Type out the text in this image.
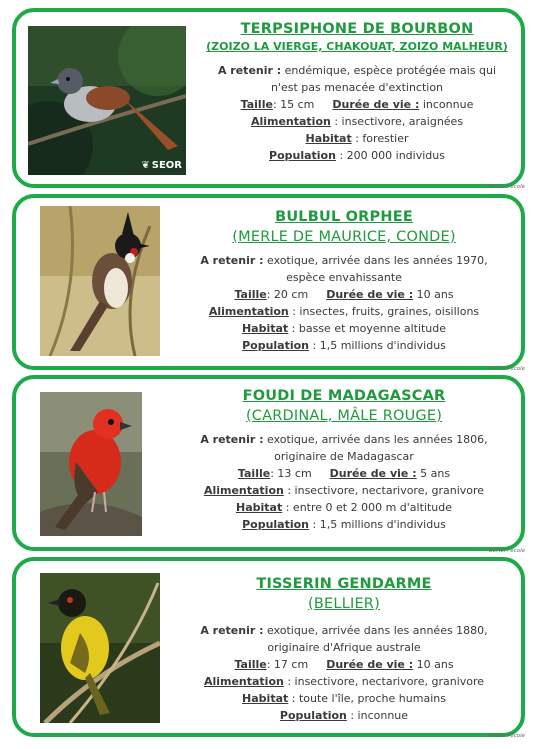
❦ SEOR
TERPSIPHONE DE BOURBON
(ZOIZO LA VIERGE, CHAKOUAT, ZOIZO MALHEUR)
A retenir : endémique, espèce protégée mais qui
n'est pas menacée d'extinction
Taille: 15 cm Durée de vie : inconnue
Alimentation : insectivore, araignées
Habitat : forestier
Population : 200 000 individus
Bertel l'école
BULBUL ORPHEE
(MERLE DE MAURICE, CONDE)
A retenir : exotique, arrivée dans les années 1970,
espèce envahissante
Taille: 20 cm Durée de vie : 10 ans
Alimentation : insectes, fruits, graines, oisillons
Habitat : basse et moyenne altitude
Population : 1,5 millions d'individus
Bertel l'école
FOUDI DE MADAGASCAR
(CARDINAL, MÂLE ROUGE)
A retenir : exotique, arrivée dans les années 1806,
originaire de Madagascar
Taille: 13 cm Durée de vie : 5 ans
Alimentation : insectivore, nectarivore, granivore
Habitat : entre 0 et 2 000 m d'altitude
Population : 1,5 millions d'individus
Bertel l'école
TISSERIN GENDARME
(BELLIER)
A retenir : exotique, arrivée dans les années 1880,
originaire d'Afrique australe
Taille: 17 cm Durée de vie : 10 ans
Alimentation : insectivore, nectarivore, granivore
Habitat : toute l'île, proche humains
Population : inconnue
Bertel l'école
